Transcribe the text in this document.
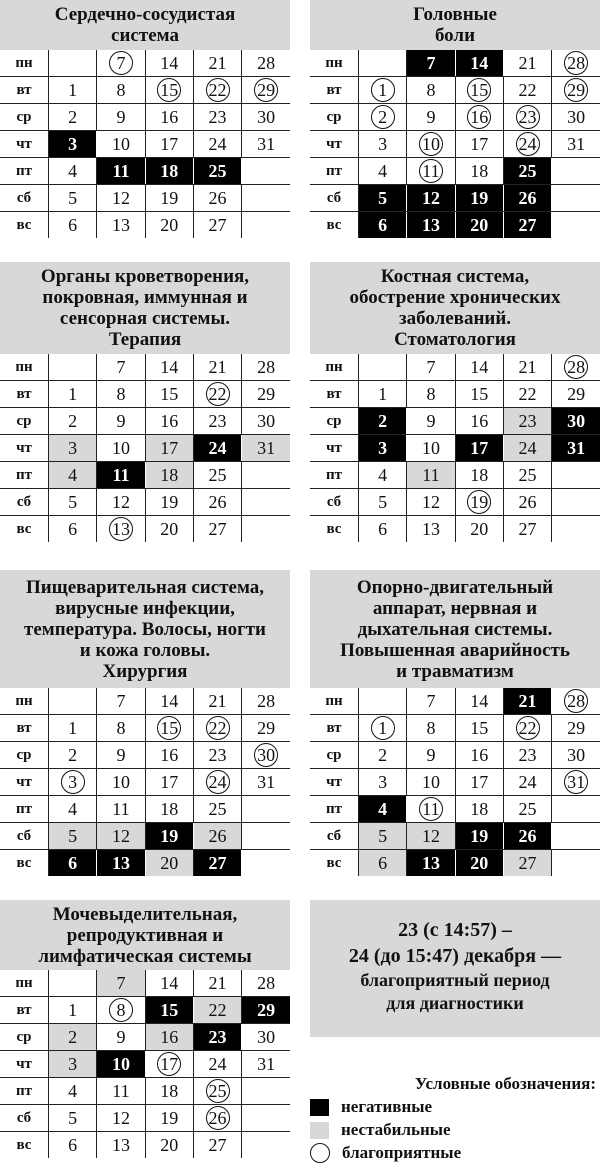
Сердечно-сосудистая
система
пн		7	14	21	28
вт	1	8	15	22	29
ср	2	9	16	23	30
чт	3	10	17	24	31
пт	4	11	18	25	
сб	5	12	19	26	
вс	6	13	20	27	
Головные
боли
пн		7	14	21	28
вт	1	8	15	22	29
ср	2	9	16	23	30
чт	3	10	17	24	31
пт	4	11	18	25	
сб	5	12	19	26	
вс	6	13	20	27	
Органы кроветворения,
покровная, иммунная и
сенсорная системы.
Терапия
пн		7	14	21	28
вт	1	8	15	22	29
ср	2	9	16	23	30
чт	3	10	17	24	31
пт	4	11	18	25	
сб	5	12	19	26	
вс	6	13	20	27	
Костная система,
обострение хронических
заболеваний.
Стоматология
пн		7	14	21	28
вт	1	8	15	22	29
ср	2	9	16	23	30
чт	3	10	17	24	31
пт	4	11	18	25	
сб	5	12	19	26	
вс	6	13	20	27	
Пищеварительная система,
вирусные инфекции,
температура. Волосы, ногти
и кожа головы.
Хирургия
пн		7	14	21	28
вт	1	8	15	22	29
ср	2	9	16	23	30
чт	3	10	17	24	31
пт	4	11	18	25	
сб	5	12	19	26	
вс	6	13	20	27	
Опорно-двигательный
аппарат, нервная и
дыхательная системы.
Повышенная аварийность
и травматизм
пн		7	14	21	28
вт	1	8	15	22	29
ср	2	9	16	23	30
чт	3	10	17	24	31
пт	4	11	18	25	
сб	5	12	19	26	
вс	6	13	20	27	
Мочевыделительная,
репродуктивная и
лимфатическая системы
пн		7	14	21	28
вт	1	8	15	22	29
ср	2	9	16	23	30
чт	3	10	17	24	31
пт	4	11	18	25	
сб	5	12	19	26	
вс	6	13	20	27	
23 (с 14:57) –
24 (до 15:47) декабря —
благоприятный период
для диагностики
Условные обозначения:
негативные
нестабильные
благоприятные
